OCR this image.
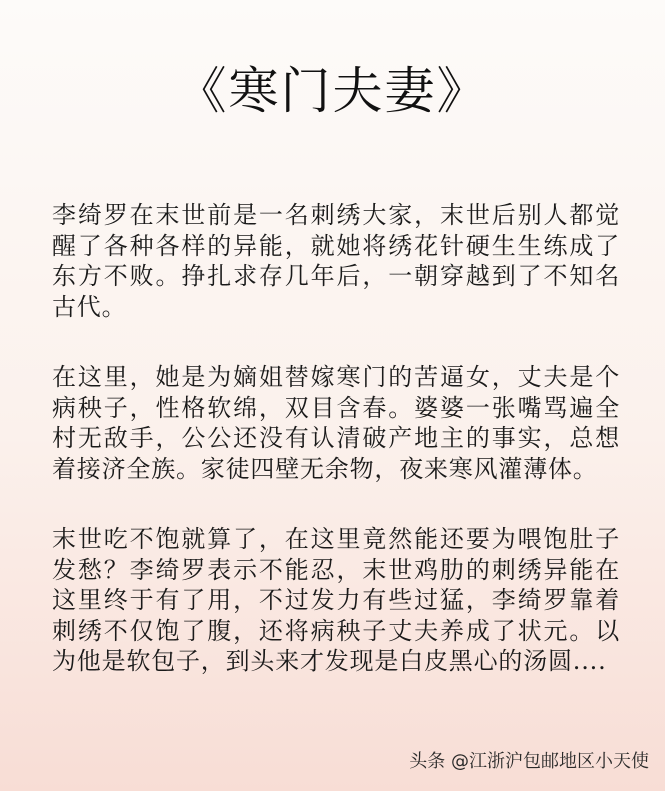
《寒门夫妻》

李绮罗在末世前是一名刺绣大家，末世后别人都觉醒了各种各样的异能，就她将绣花针硬生生练成了东方不败。挣扎求存几年后，一朝穿越到了不知名古代。

在这里，她是为嫡姐替嫁寒门的苦逼女，丈夫是个病秧子，性格软绵，双目含春。婆婆一张嘴骂遍全村无敌手，公公还没有认清破产地主的事实，总想着接济全族。家徒四壁无余物，夜来寒风灌薄体。

末世吃不饱就算了，在这里竟然能还要为喂饱肚子发愁？李绮罗表示不能忍，末世鸡肋的刺绣异能在这里终于有了用，不过发力有些过猛，李绮罗靠着刺绣不仅饱了腹，还将病秧子丈夫养成了状元。以为他是软包子，到头来才发现是白皮黑心的汤圆....

头条 @江浙沪包邮地区小天使
